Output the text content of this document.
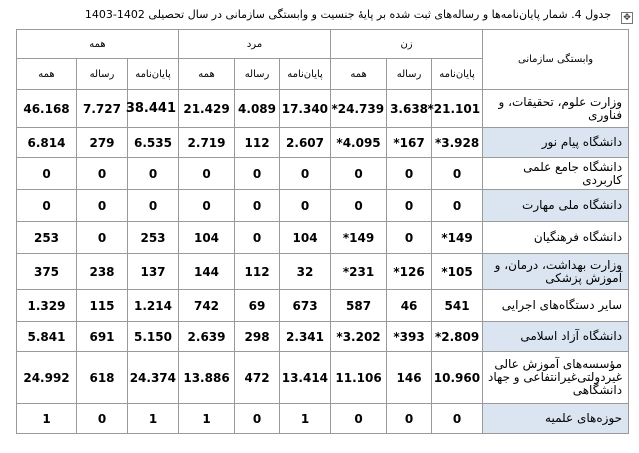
جدول 4. شمار پایان‌نامه‌ها و رساله‌های ثبت شده بر پایهٔ جنسیت و وابستگی سازمانی در سال تحصیلی 1402-1403 ✥
وابستگی سازمانی	زن			مرد			همه		
	پایان‌نامه	رساله	همه	پایان‌نامه	رساله	همه	پایان‌نامه	رساله	همه
وزارت علوم، تحقیقات، و فناوری	21.101*	3.638	24.739*	17.340	4.089	21.429	38.441	7.727	46.168
دانشگاه پیام نور	3.928*	167*	4.095*	2.607	112	2.719	6.535	279	6.814
دانشگاه جامع علمی کاربردی	0	0	0	0	0	0	0	0	0
دانشگاه ملی مهارت	0	0	0	0	0	0	0	0	0
دانشگاه فرهنگیان	149*	0	149*	104	0	104	253	0	253
وزارت بهداشت، درمان، و آموزش پزشکی	105*	126*	231*	32	112	144	137	238	375
سایر دستگاه‌های اجرایی	541	46	587	673	69	742	1.214	115	1.329
دانشگاه آزاد اسلامی	2.809*	393*	3.202*	2.341	298	2.639	5.150	691	5.841
مؤسسه‌های آموزش عالی غیردولتی‌غیرانتفاعی و جهاد دانشگاهی	10.960	146	11.106	13.414	472	13.886	24.374	618	24.992
حوزه‌های علمیه	0	0	0	1	0	1	1	0	1
